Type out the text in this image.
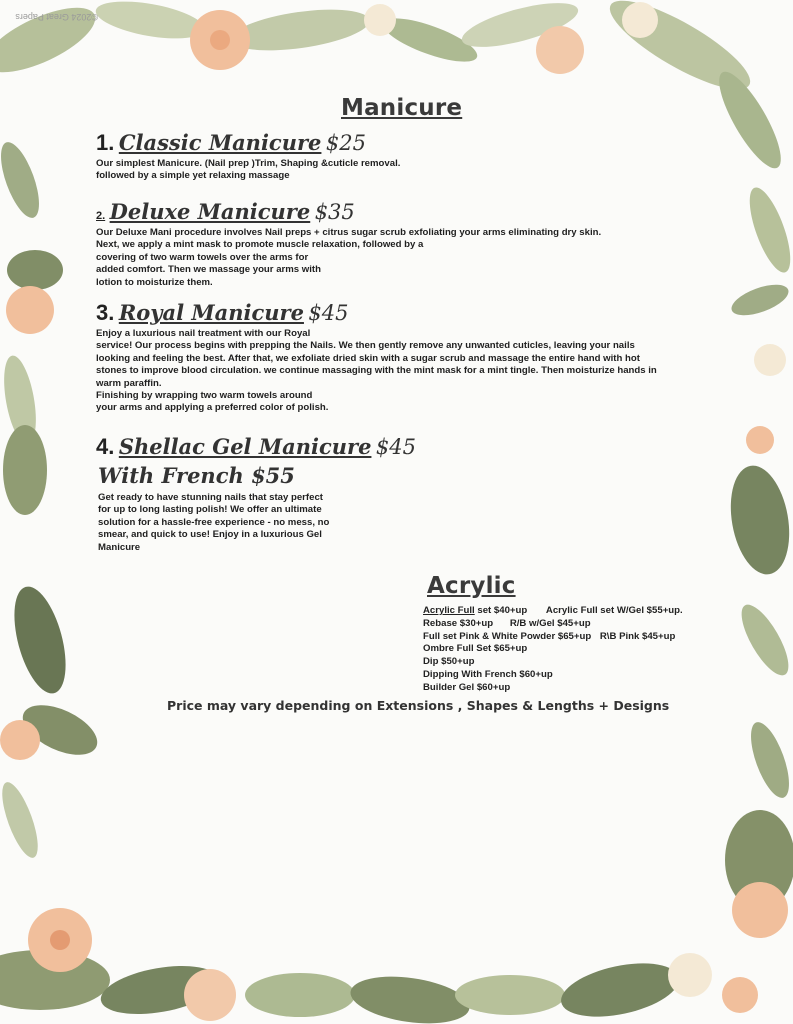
©2024 Great Papers
Manicure
1. Classic Manicure $25
Our simplest Manicure. (Nail prep )Trim, Shaping &cuticle removal.
followed by a simple yet relaxing massage
2. Deluxe Manicure $35
Our Deluxe Mani procedure involves Nail preps + citrus sugar scrub exfoliating your arms eliminating dry skin.
Next, we apply a mint mask to promote muscle relaxation, followed by a
covering of two warm towels over the arms for
added comfort. Then we massage your arms with
lotion to moisturize them.
3. Royal Manicure $45
Enjoy a luxurious nail treatment with our Royal
service! Our process begins with prepping the Nails. We then gently remove any unwanted cuticles, leaving your nails
looking and feeling the best. After that, we exfoliate dried skin with a sugar scrub and massage the entire hand with hot
stones to improve blood circulation. we continue massaging with the mint mask for a mint tingle. Then moisturize hands in
warm paraffin.
Finishing by wrapping two warm towels around
your arms and applying a preferred color of polish.
4. Shellac Gel Manicure $45
With French $55
Get ready to have stunning nails that stay perfect
for up to long lasting polish! We offer an ultimate
solution for a hassle-free experience - no mess, no
smear, and quick to use! Enjoy in a luxurious Gel
Manicure
Acrylic
Acrylic Full set $40+up Acrylic Full set W/Gel $55+up.
Rebase $30+up R/B w/Gel $45+up
Full set Pink & White Powder $65+up R\B Pink $45+up
Ombre Full Set $65+up
Dip $50+up
Dipping With French $60+up
Builder Gel $60+up
Price may vary depending on Extensions , Shapes & Lengths + Designs
